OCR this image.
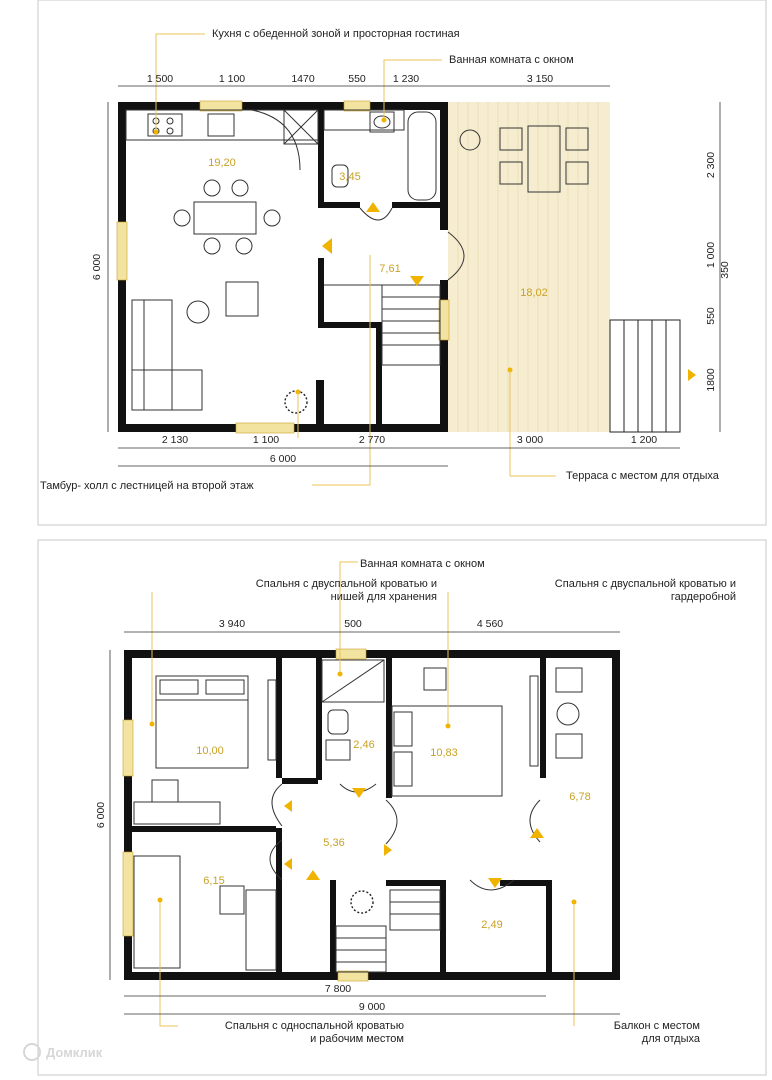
19,20
3,45
7,61
18,02
Кухня с обеденной зоной и просторная гостиная
Ванная комната с окном
Тамбур- холл с лестницей на второй этаж
Терраса с местом для отдыха
1 500	1 100	1470	550	1 230	3 150
2 130	1 100	2 770	3 000	1 200
6 000
6 000
2 300
1 000
350
550
1800
10,00	2,46
10,83
5,36
6,78
6,15
2,49
Ванная комната с окном
Спальня с двуспальной кроватью и
нишей для хранения
Спальня с двуспальной кроватью и
гардеробной
Спальня с односпальной кроватью
и рабочим местом
Балкон с местом
для отдыха
3 940	500	4 560
7 800
9 000
6 000
Домклик
